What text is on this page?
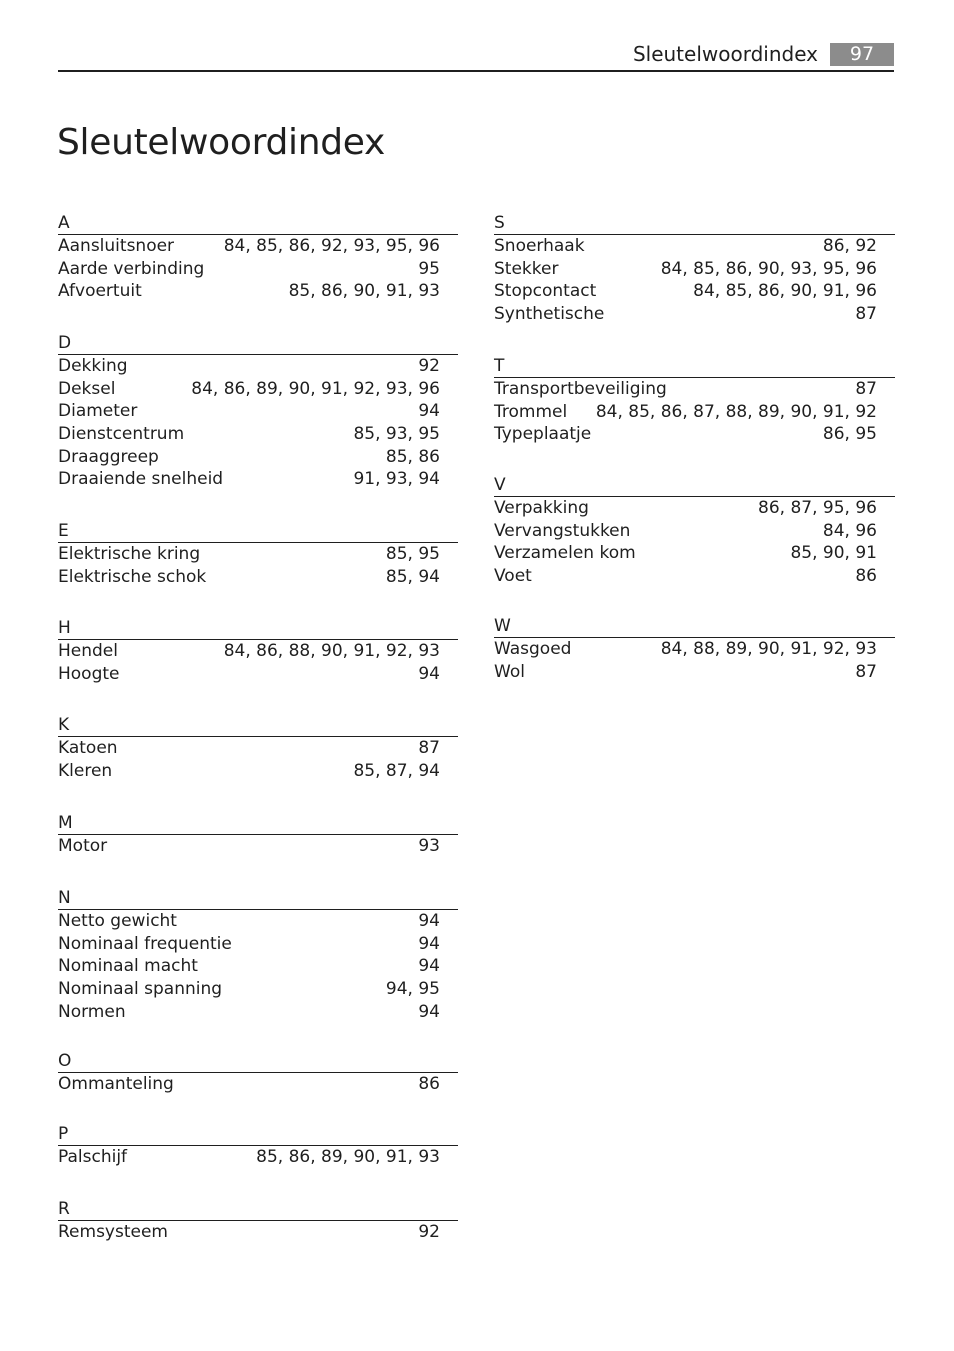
Sleutelwoordindex	97
Sleutelwoordindex
A
Aansluitsnoer	84, 85, 86, 92, 93, 95, 96
Aarde verbinding	95
Afvoertuit	85, 86, 90, 91, 93
D
Dekking	92
Deksel	84, 86, 89, 90, 91, 92, 93, 96
Diameter	94
Dienstcentrum	85, 93, 95
Draaggreep	85, 86
Draaiende snelheid	91, 93, 94
E
Elektrische kring	85, 95
Elektrische schok	85, 94
H
Hendel	84, 86, 88, 90, 91, 92, 93
Hoogte	94
K
Katoen	87
Kleren	85, 87, 94
M
Motor	93
N
Netto gewicht	94
Nominaal frequentie	94
Nominaal macht	94
Nominaal spanning	94, 95
Normen	94
O
Ommanteling	86
P
Palschijf	85, 86, 89, 90, 91, 93
R
Remsysteem	92
S
Snoerhaak	86, 92
Stekker	84, 85, 86, 90, 93, 95, 96
Stopcontact	84, 85, 86, 90, 91, 96
Synthetische	87
T
Transportbeveiliging	87
Trommel 84, 85, 86, 87, 88, 89, 90, 91, 92
Typeplaatje	86, 95
V
Verpakking	86, 87, 95, 96
Vervangstukken	84, 96
Verzamelen kom	85, 90, 91
Voet	86
W
Wasgoed	84, 88, 89, 90, 91, 92, 93
Wol	87
